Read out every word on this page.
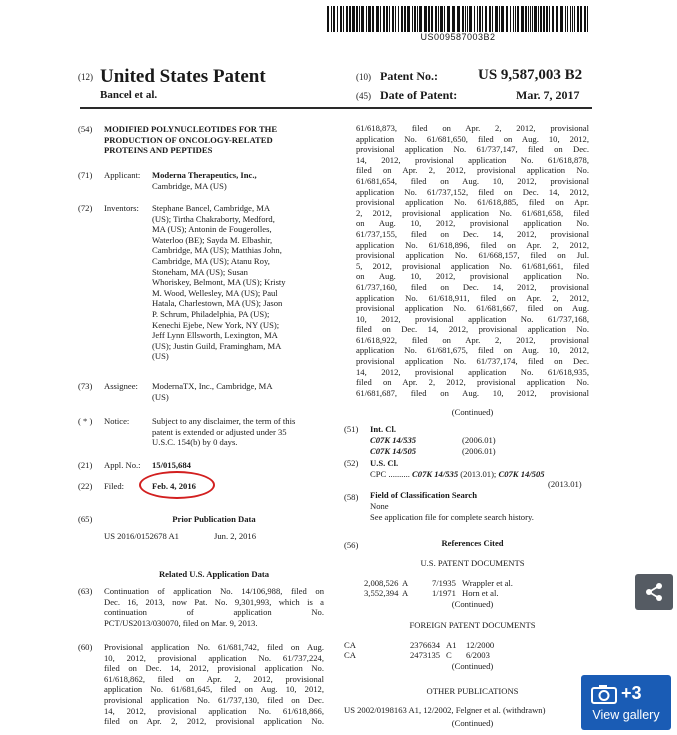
US009587003B2
(12) United States Patent
Bancel et al.
(10) Patent No.:	US 9,587,003 B2
(45) Date of Patent:	Mar. 7, 2017
(54) MODIFIED POLYNUCLEOTIDES FOR THE
PRODUCTION OF ONCOLOGY-RELATED
PROTEINS AND PEPTIDES
(71) Applicant: Moderna Therapeutics, Inc.,
Cambridge, MA (US)
(72) Inventors: Stephane Bancel, Cambridge, MA
(US); Tirtha Chakraborty, Medford,
MA (US); Antonin de Fougerolles,
Waterloo (BE); Sayda M. Elbashir,
Cambridge, MA (US); Matthias John,
Cambridge, MA (US); Atanu Roy,
Stoneham, MA (US); Susan
Whoriskey, Belmont, MA (US); Kristy
M. Wood, Wellesley, MA (US); Paul
Hatala, Charlestown, MA (US); Jason
P. Schrum, Philadelphia, PA (US);
Kenechi Ejebe, New York, NY (US);
Jeff Lynn Ellsworth, Lexington, MA
(US); Justin Guild, Framingham, MA
(US)
(73) Assignee: ModernaTX, Inc., Cambridge, MA
(US)
( * ) Notice:	Subject to any disclaimer, the term of this
patent is extended or adjusted under 35
U.S.C. 154(b) by 0 days.
(21) Appl. No.: 15/015,684
(22) Filed:	Feb. 4, 2016
(65)	Prior Publication Data
US 2016/0152678 A1	Jun. 2, 2016
Related U.S. Application Data
(63) Continuation of application No. 14/106,988, filed on
Dec. 16, 2013, now Pat. No. 9,301,993, which is a
continuation of application No.
PCT/US2013/030070, filed on Mar. 9, 2013.
(60) Provisional application No. 61/681,742, filed on Aug.
10, 2012, provisional application No. 61/737,224,
filed on Dec. 14, 2012, provisional application No.
61/618,862, filed on Apr. 2, 2012, provisional
application No. 61/681,645, filed on Aug. 10, 2012,
provisional application No. 61/737,130, filed on Dec.
14, 2012, provisional application No. 61/618,866,
filed on Apr. 2, 2012, provisional application No.
61/618,873, filed on Apr. 2, 2012, provisional
application No. 61/681,650, filed on Aug. 10, 2012,
provisional application No. 61/737,147, filed on Dec.
14, 2012, provisional application No. 61/618,878,
filed on Apr. 2, 2012, provisional application No.
61/681,654, filed on Aug. 10, 2012, provisional
application No. 61/737,152, filed on Dec. 14, 2012,
provisional application No. 61/618,885, filed on Apr.
2, 2012, provisional application No. 61/681,658, filed
on Aug. 10, 2012, provisional application No.
61/737,155, filed on Dec. 14, 2012, provisional
application No. 61/618,896, filed on Apr. 2, 2012,
provisional application No. 61/668,157, filed on Jul.
5, 2012, provisional application No. 61/681,661, filed
on Aug. 10, 2012, provisional application No.
61/737,160, filed on Dec. 14, 2012, provisional
application No. 61/618,911, filed on Apr. 2, 2012,
provisional application No. 61/681,667, filed on Aug.
10, 2012, provisional application No. 61/737,168,
filed on Dec. 14, 2012, provisional application No.
61/618,922, filed on Apr. 2, 2012, provisional
application No. 61/681,675, filed on Aug. 10, 2012,
provisional application No. 61/737,174, filed on Dec.
14, 2012, provisional application No. 61/618,935,
filed on Apr. 2, 2012, provisional application No.
61/681,687, filed on Aug. 10, 2012, provisional
(Continued)
(51) Int. Cl.
C07K 14/535	(2006.01)
C07K 14/505	(2006.01)
(52) U.S. Cl.
CPC .......... C07K 14/535 (2013.01); C07K 14/505
(2013.01)
(58) Field of Classification Search
None
See application file for complete search history.
(56)	References Cited
U.S. PATENT DOCUMENTS
2,008,526 A	7/1935 Wrappler et al.
3,552,394 A	1/1971 Horn et al.
(Continued)
FOREIGN PATENT DOCUMENTS
CA	2376634 A1 12/2000
CA	2473135 C 6/2003
(Continued)
OTHER PUBLICATIONS
US 2002/0198163 A1, 12/2002, Felgner et al. (withdrawn)
(Continued)
+3
View gallery
